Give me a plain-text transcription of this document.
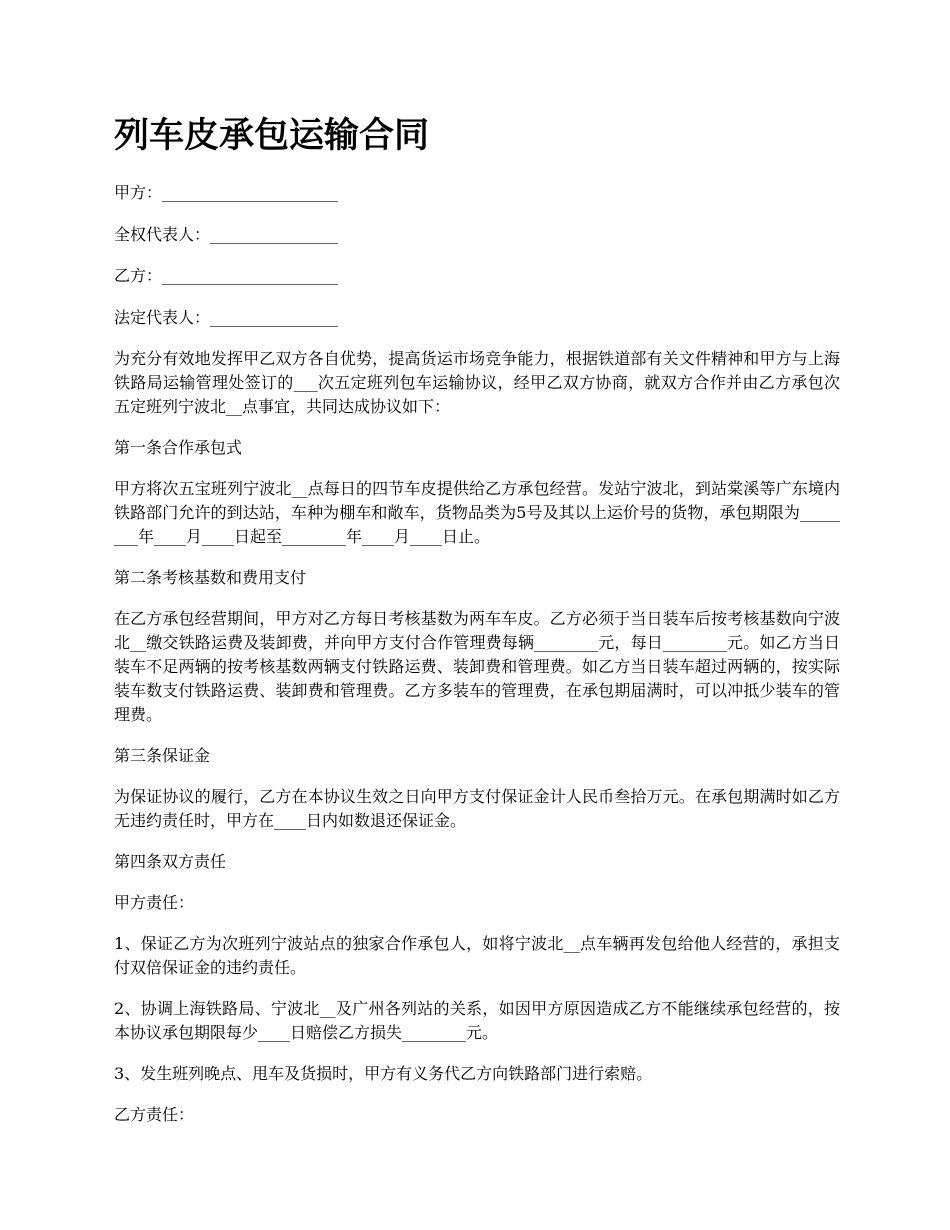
列车皮承包运输合同

甲方：______________________

全权代表人：________________

乙方：______________________

法定代表人：________________

为充分有效地发挥甲乙双方各自优势，提高货运市场竞争能力，根据铁道部有关文件精神和甲方与上海铁路局运输管理处签订的___次五定班列包车运输协议，经甲乙双方协商，就双方合作并由乙方承包次五定班列宁波北__点事宜，共同达成协议如下：

第一条合作承包式

甲方将次五宝班列宁波北__点每日的四节车皮提供给乙方承包经营。发站宁波北，到站棠溪等广东境内铁路部门允许的到达站，车种为棚车和敞车，货物品类为5号及其以上运价号的货物，承包期限为________年____月____日起至________年____月____日止。

第二条考核基数和费用支付

在乙方承包经营期间，甲方对乙方每日考核基数为两车车皮。乙方必须于当日装车后按考核基数向宁波北__缴交铁路运费及装卸费，并向甲方支付合作管理费每辆________元，每日________元。如乙方当日装车不足两辆的按考核基数两辆支付铁路运费、装卸费和管理费。如乙方当日装车超过两辆的，按实际装车数支付铁路运费、装卸费和管理费。乙方多装车的管理费，在承包期届满时，可以冲抵少装车的管理费。

第三条保证金

为保证协议的履行，乙方在本协议生效之日向甲方支付保证金计人民币叁拾万元。在承包期满时如乙方无违约责任时，甲方在____日内如数退还保证金。

第四条双方责任

甲方责任：

1、保证乙方为次班列宁波站点的独家合作承包人，如将宁波北__点车辆再发包给他人经营的，承担支付双倍保证金的违约责任。

2、协调上海铁路局、宁波北__及广州各列站的关系，如因甲方原因造成乙方不能继续承包经营的，按本协议承包期限每少____日赔偿乙方损失________元。

3、发生班列晚点、甩车及货损时，甲方有义务代乙方向铁路部门进行索赔。

乙方责任：
